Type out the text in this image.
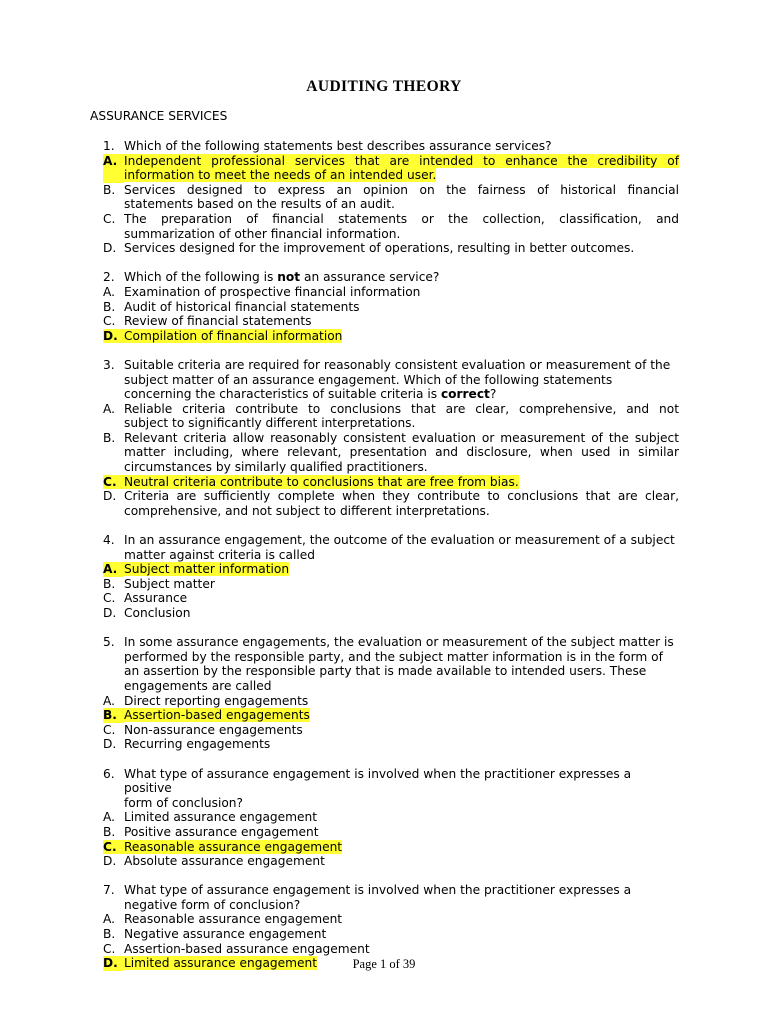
AUDITING THEORY
ASSURANCE SERVICES
1. Which of the following statements best describes assurance services?
A. Independent professional services that are intended to enhance the credibility of
information to meet the needs of an intended user.
B. Services designed to express an opinion on the fairness of historical financial
statements based on the results of an audit.
C. The preparation of financial statements or the collection, classification, and
summarization of other financial information.
D. Services designed for the improvement of operations, resulting in better outcomes.
2. Which of the following is not an assurance service?
A. Examination of prospective financial information
B. Audit of historical financial statements
C. Review of financial statements
D. Compilation of financial information
3. Suitable criteria are required for reasonably consistent evaluation or measurement of the
subject matter of an assurance engagement. Which of the following statements
concerning the characteristics of suitable criteria is correct?
A. Reliable criteria contribute to conclusions that are clear, comprehensive, and not
subject to significantly different interpretations.
B. Relevant criteria allow reasonably consistent evaluation or measurement of the subject
matter including, where relevant, presentation and disclosure, when used in similar
circumstances by similarly qualified practitioners.
C. Neutral criteria contribute to conclusions that are free from bias.
D. Criteria are sufficiently complete when they contribute to conclusions that are clear,
comprehensive, and not subject to different interpretations.
4. In an assurance engagement, the outcome of the evaluation or measurement of a subject
matter against criteria is called
A. Subject matter information
B. Subject matter
C. Assurance
D. Conclusion
5. In some assurance engagements, the evaluation or measurement of the subject matter is
performed by the responsible party, and the subject matter information is in the form of
an assertion by the responsible party that is made available to intended users. These
engagements are called
A. Direct reporting engagements
B. Assertion-based engagements
C. Non-assurance engagements
D. Recurring engagements
6. What type of assurance engagement is involved when the practitioner expresses a positive
form of conclusion?
A. Limited assurance engagement
B. Positive assurance engagement
C. Reasonable assurance engagement
D. Absolute assurance engagement
7. What type of assurance engagement is involved when the practitioner expresses a
negative form of conclusion?
A. Reasonable assurance engagement
B. Negative assurance engagement
C. Assertion-based assurance engagement
D. Limited assurance engagement	Page 1 of 39
